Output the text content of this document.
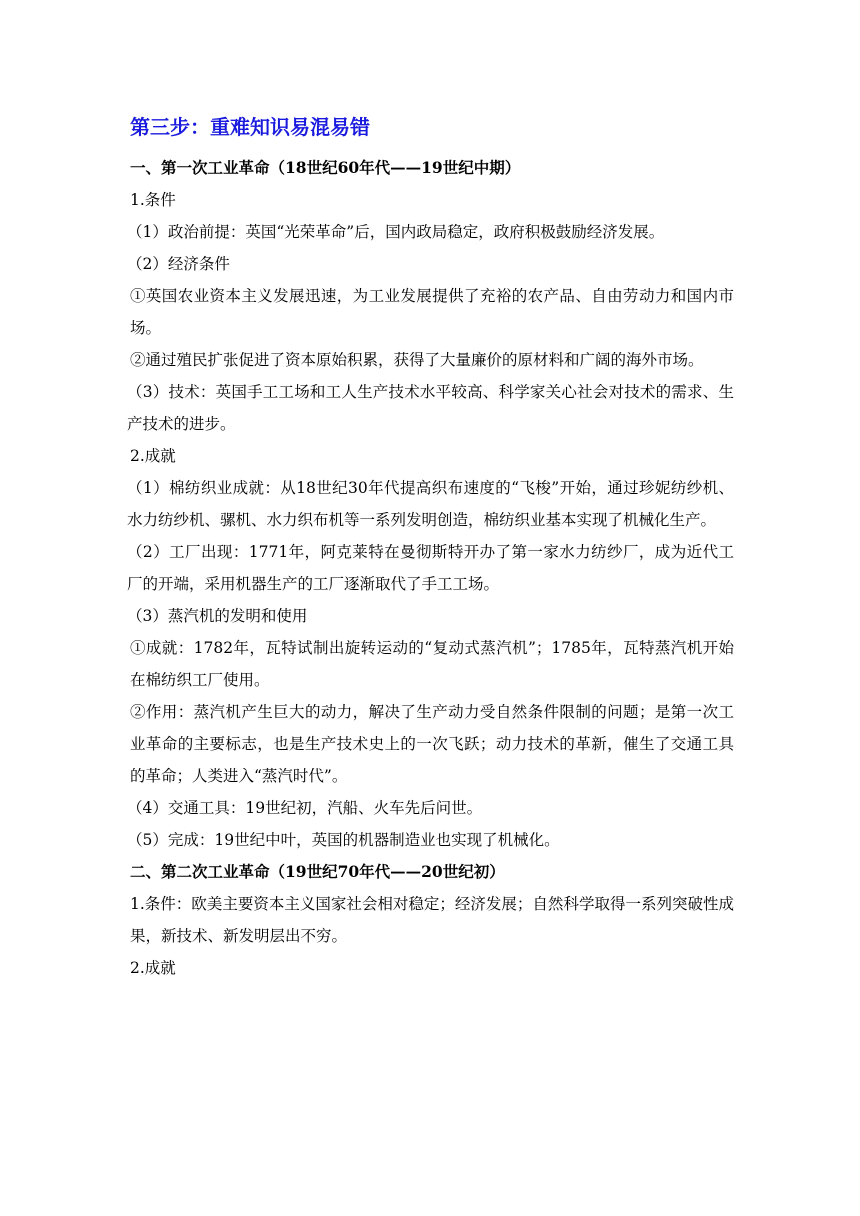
第三步：重难知识易混易错

一、第一次工业革命（18世纪60年代——19世纪中期）

1.条件

（1）政治前提：英国“光荣革命”后，国内政局稳定，政府积极鼓励经济发展。

（2）经济条件

①英国农业资本主义发展迅速，为工业发展提供了充裕的农产品、自由劳动力和国内市场。

②通过殖民扩张促进了资本原始积累，获得了大量廉价的原材料和广阔的海外市场。

（3）技术：英国手工工场和工人生产技术水平较高、科学家关心社会对技术的需求、生产技术的进步。

2.成就

（1）棉纺织业成就：从18世纪30年代提高织布速度的“飞梭”开始，通过珍妮纺纱机、水力纺纱机、骡机、水力织布机等一系列发明创造，棉纺织业基本实现了机械化生产。

（2）工厂出现：1771年，阿克莱特在曼彻斯特开办了第一家水力纺纱厂，成为近代工厂的开端，采用机器生产的工厂逐渐取代了手工工场。

（3）蒸汽机的发明和使用

①成就：1782年，瓦特试制出旋转运动的“复动式蒸汽机”；1785年，瓦特蒸汽机开始在棉纺织工厂使用。

②作用：蒸汽机产生巨大的动力，解决了生产动力受自然条件限制的问题；是第一次工业革命的主要标志，也是生产技术史上的一次飞跃；动力技术的革新，催生了交通工具的革命；人类进入“蒸汽时代”。

（4）交通工具：19世纪初，汽船、火车先后问世。

（5）完成：19世纪中叶，英国的机器制造业也实现了机械化。

二、第二次工业革命（19世纪70年代——20世纪初）

1.条件：欧美主要资本主义国家社会相对稳定；经济发展；自然科学取得一系列突破性成果，新技术、新发明层出不穷。

2.成就
